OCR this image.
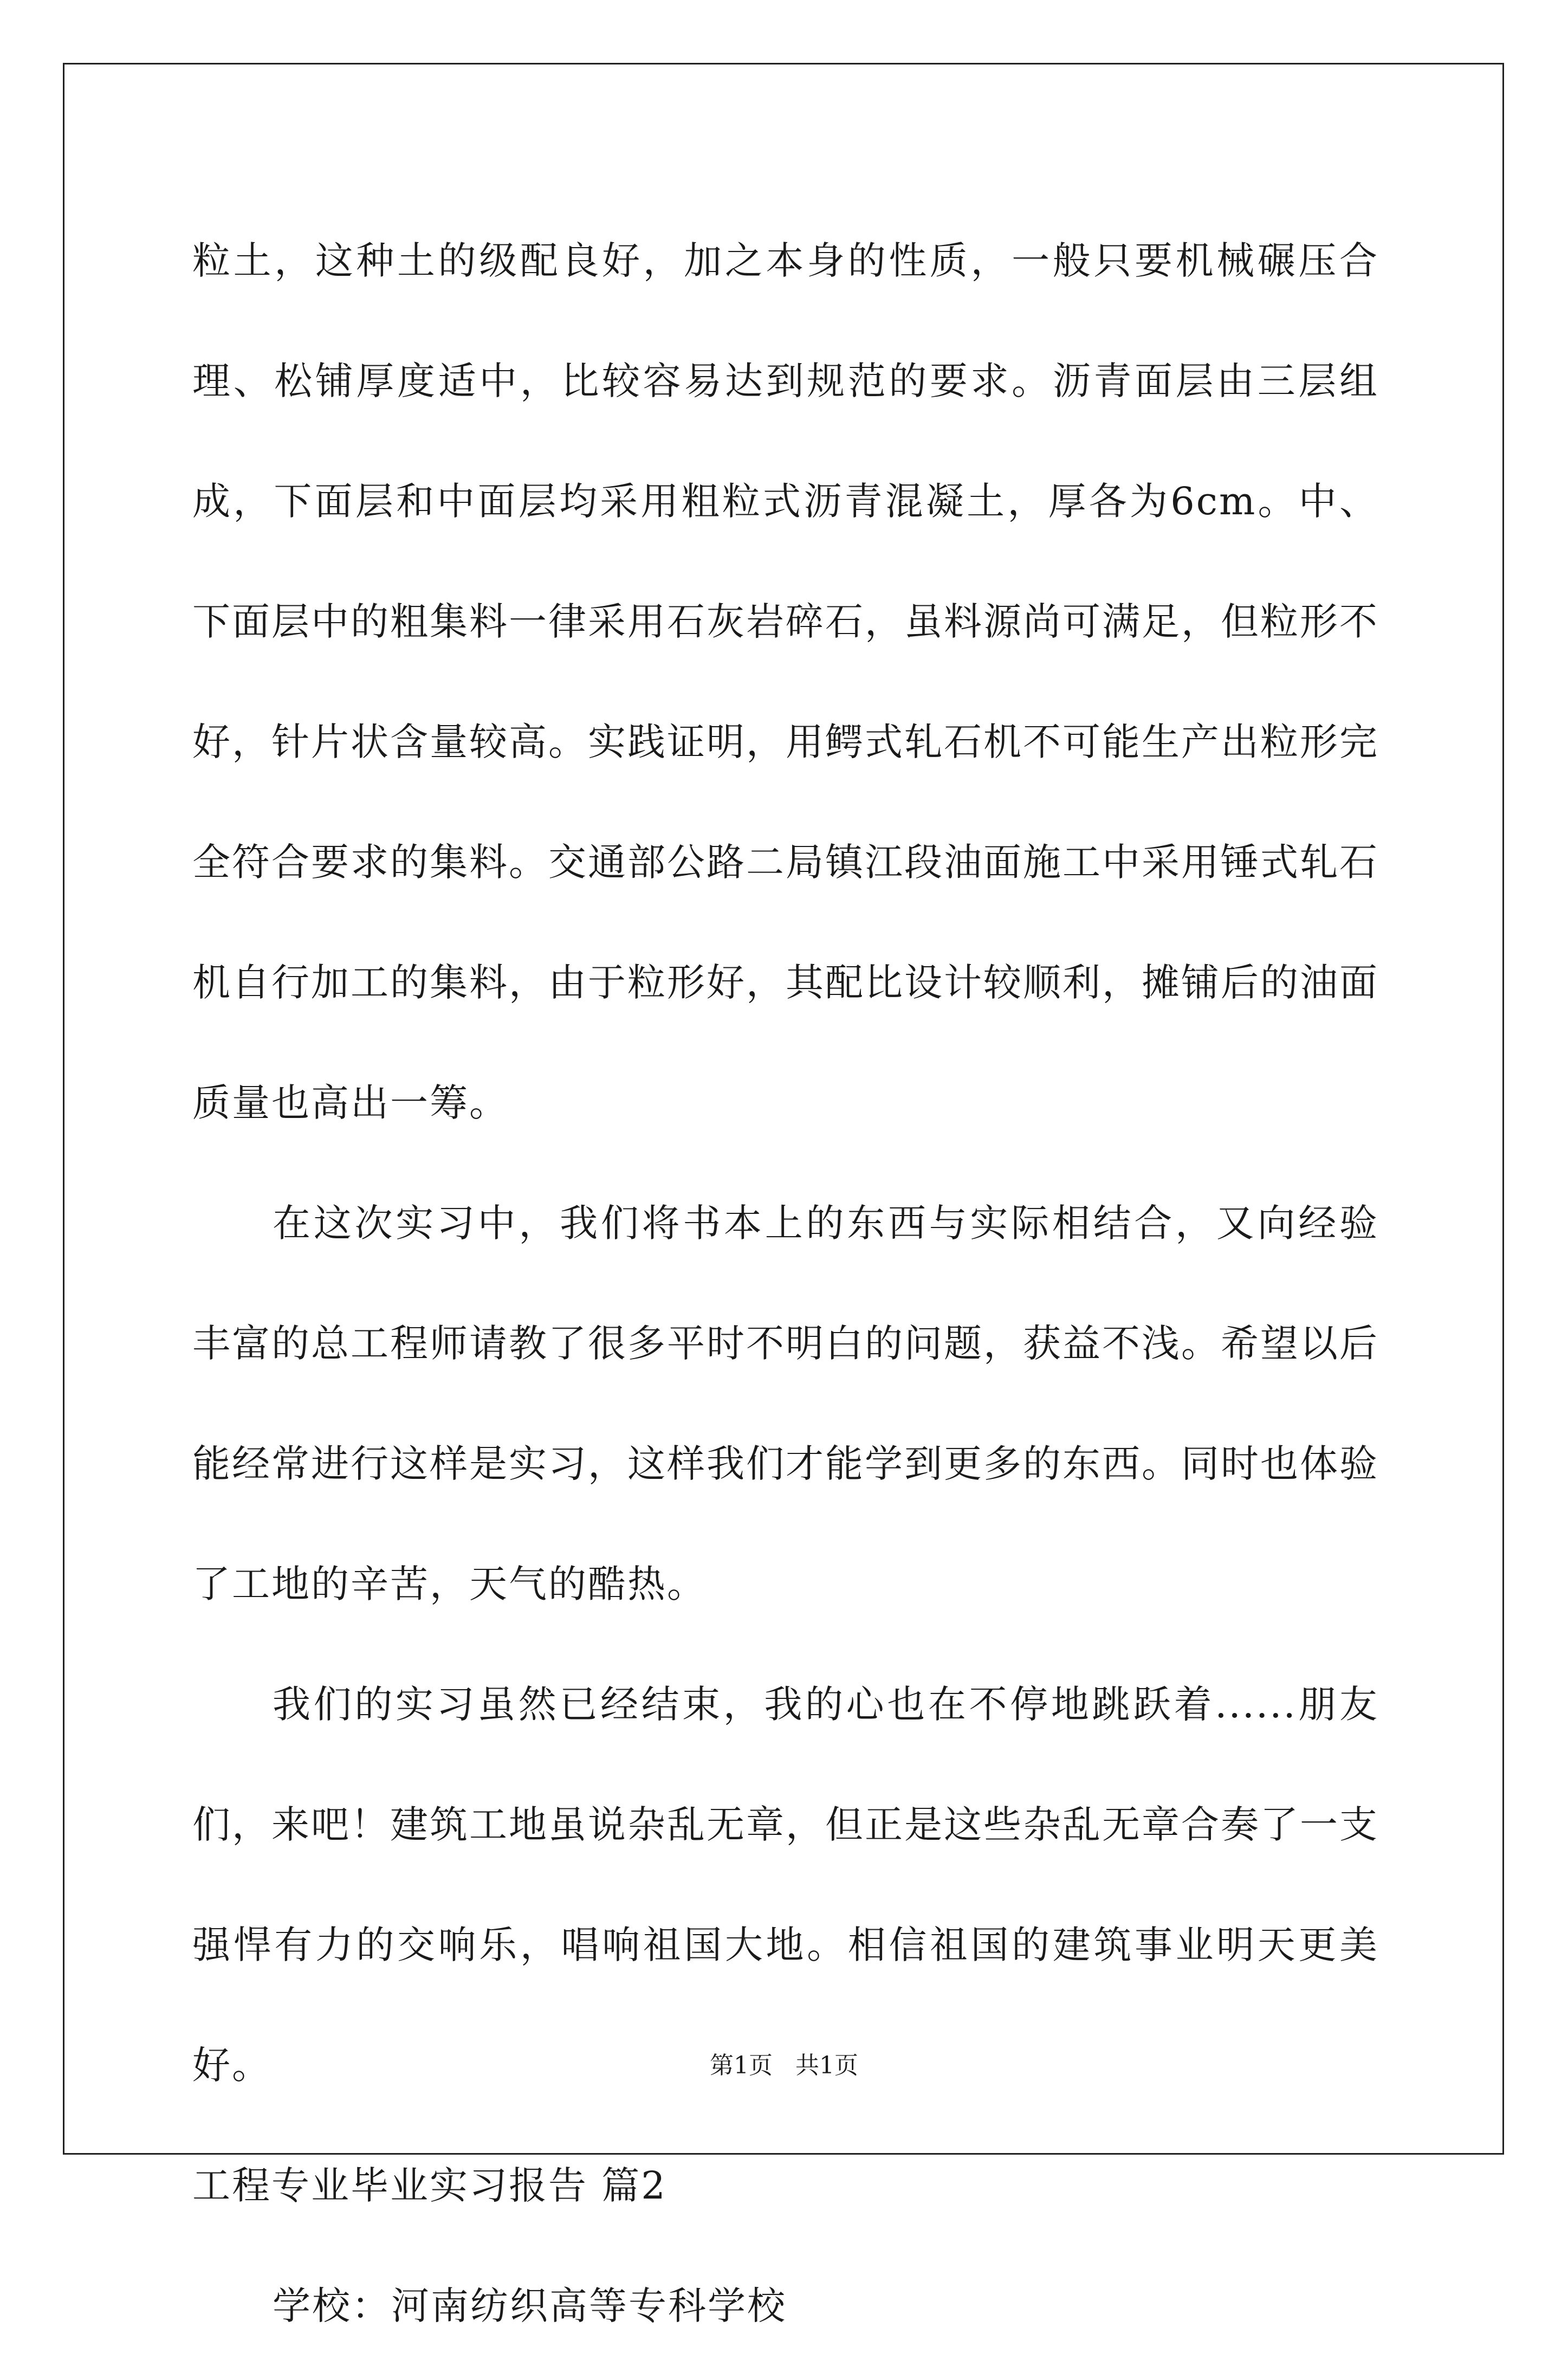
粒土，这种土的级配良好，加之本身的性质，一般只要机械碾压合理、松铺厚度适中，比较容易达到规范的要求。沥青面层由三层组成，下面层和中面层均采用粗粒式沥青混凝土，厚各为6cm。中、下面层中的粗集料一律采用石灰岩碎石，虽料源尚可满足，但粒形不好，针片状含量较高。实践证明，用鳄式轧石机不可能生产出粒形完全符合要求的集料。交通部公路二局镇江段油面施工中采用锤式轧石机自行加工的集料，由于粒形好，其配比设计较顺利，摊铺后的油面质量也高出一筹。

在这次实习中，我们将书本上的东西与实际相结合，又向经验丰富的总工程师请教了很多平时不明白的问题，获益不浅。希望以后能经常进行这样是实习，这样我们才能学到更多的东西。同时也体验了工地的辛苦，天气的酷热。

我们的实习虽然已经结束，我的心也在不停地跳跃着......朋友们，来吧！建筑工地虽说杂乱无章，但正是这些杂乱无章合奏了一支强悍有力的交响乐，唱响祖国大地。相信祖国的建筑事业明天更美好。

工程专业毕业实习报告 篇2

学校：河南纺织高等专科学校

第1页 共1页
